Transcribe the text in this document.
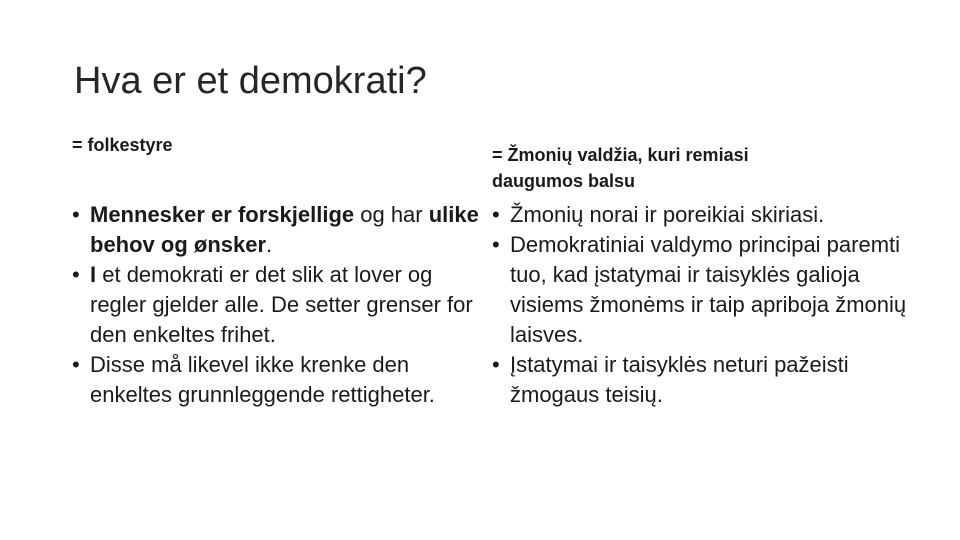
Hva er et demokrati?
= folkestyre	= Žmonių valdžia, kuri remiasi daugumos balsu
• Mennesker er forskjellige og har ulike behov og ønsker.
• I et demokrati er det slik at lover og regler gjelder alle. De setter grenser for den enkeltes frihet.
• Disse må likevel ikke krenke den enkeltes grunnleggende rettigheter.
• Žmonių norai ir poreikiai skiriasi.
• Demokratiniai valdymo principai paremti tuo, kad įstatymai ir taisyklės galioja visiems žmonėms ir taip apriboja žmonių laisves.
• Įstatymai ir taisyklės neturi pažeisti žmogaus teisių.
